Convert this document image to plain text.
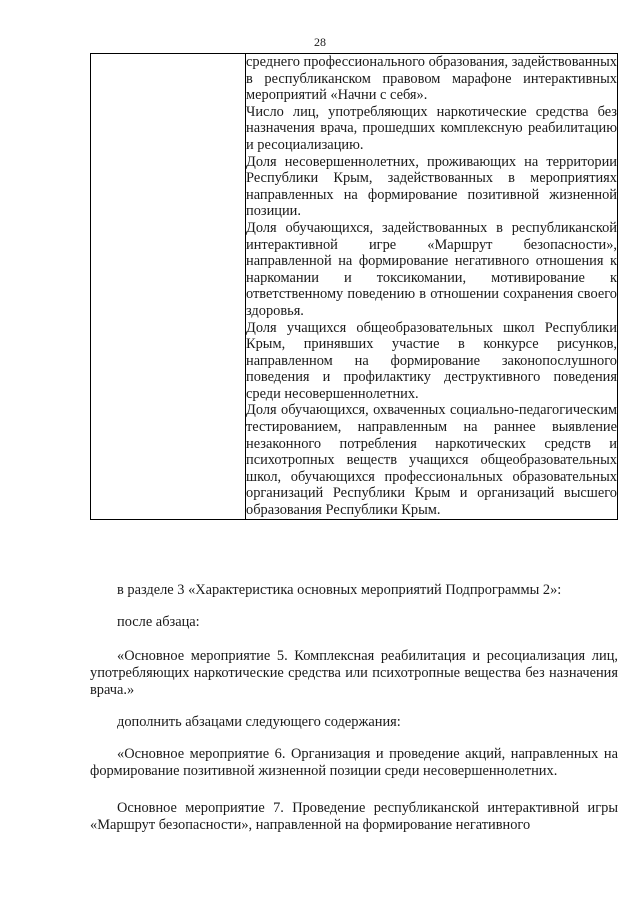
28

среднего профессионального образования, задействованных в республиканском правовом марафоне интерактивных мероприятий «Начни с себя».

Число лиц, употребляющих наркотические средства без назначения врача, прошедших комплексную реабилитацию и ресоциализацию.

Доля несовершеннолетних, проживающих на территории Республики Крым, задействованных в мероприятиях направленных на формирование позитивной жизненной позиции.

Доля обучающихся, задействованных в республиканской интерактивной игре «Маршрут безопасности», направленной на формирование негативного отношения к наркомании и токсикомании, мотивирование к ответственному поведению в отношении сохранения своего здоровья.

Доля учащихся общеобразовательных школ Республики Крым, принявших участие в конкурсе рисунков, направленном на формирование законопослушного поведения и профилактику деструктивного поведения среди несовершеннолетних.

Доля обучающихся, охваченных социально-педагогическим тестированием, направленным на раннее выявление незаконного потребления наркотических средств и психотропных веществ учащихся общеобразовательных школ, обучающихся профессиональных образовательных организаций Республики Крым и организаций высшего образования Республики Крым.

в разделе 3 «Характеристика основных мероприятий Подпрограммы 2»:

после абзаца:

«Основное мероприятие 5. Комплексная реабилитация и ресоциализация лиц, употребляющих наркотические средства или психотропные вещества без назначения врача.»

дополнить абзацами следующего содержания:

«Основное мероприятие 6. Организация и проведение акций, направленных на формирование позитивной жизненной позиции среди несовершеннолетних.

Основное мероприятие 7. Проведение республиканской интерактивной игры «Маршрут безопасности», направленной на формирование негативного
